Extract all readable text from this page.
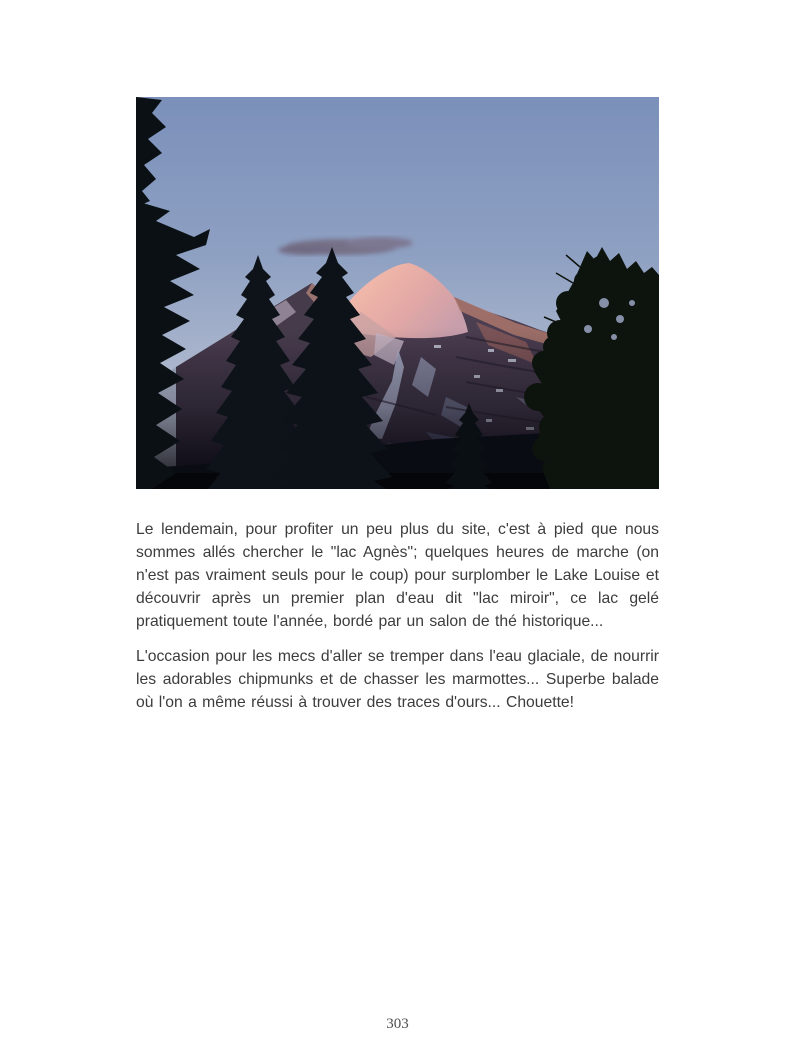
Le lendemain, pour profiter un peu plus du site, c'est à pied que nous sommes allés chercher le "lac Agnès"; quelques heures de marche (on n'est pas vraiment seuls pour le coup) pour surplomber le Lake Louise et découvrir après un premier plan d'eau dit "lac miroir", ce lac gelé pratiquement toute l'année, bordé par un salon de thé historique...

L'occasion pour les mecs d'aller se tremper dans l'eau glaciale, de nourrir les adorables chipmunks et de chasser les marmottes... Superbe balade où l'on a même réussi à trouver des traces d'ours... Chouette!

303
